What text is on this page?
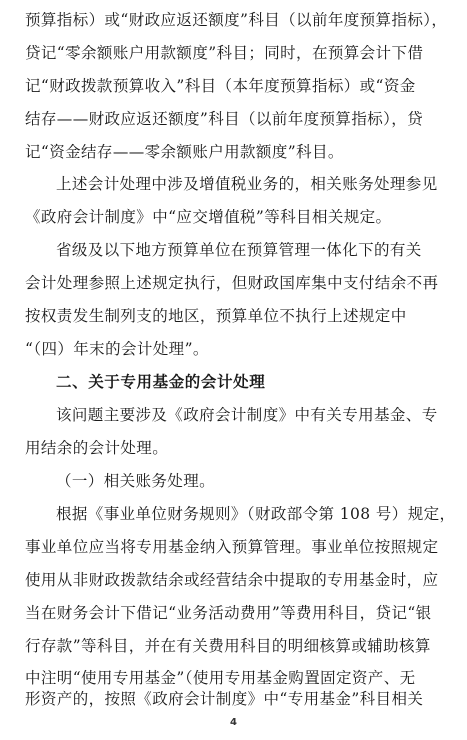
预算指标）或“财政应返还额度”科目（以前年度预算指标），
贷记“零余额账户用款额度”科目；同时，在预算会计下借
记“财政拨款预算收入”科目（本年度预算指标）或“资金
结存——财政应返还额度”科目（以前年度预算指标），贷
记“资金结存——零余额账户用款额度”科目。
上述会计处理中涉及增值税业务的，相关账务处理参见
《政府会计制度》中“应交增值税”等科目相关规定。
省级及以下地方预算单位在预算管理一体化下的有关
会计处理参照上述规定执行，但财政国库集中支付结余不再
按权责发生制列支的地区，预算单位不执行上述规定中
“（四）年末的会计处理”。
二、关于专用基金的会计处理
该问题主要涉及《政府会计制度》中有关专用基金、专
用结余的会计处理。
（一）相关账务处理。
根据《事业单位财务规则》（财政部令第 108 号）规定，
事业单位应当将专用基金纳入预算管理。事业单位按照规定
使用从非财政拨款结余或经营结余中提取的专用基金时，应
当在财务会计下借记“业务活动费用”等费用科目，贷记“银
行存款”等科目，并在有关费用科目的明细核算或辅助核算
中注明“使用专用基金”（使用专用基金购置固定资产、无
形资产的，按照《政府会计制度》中“专用基金”科目相关
4
